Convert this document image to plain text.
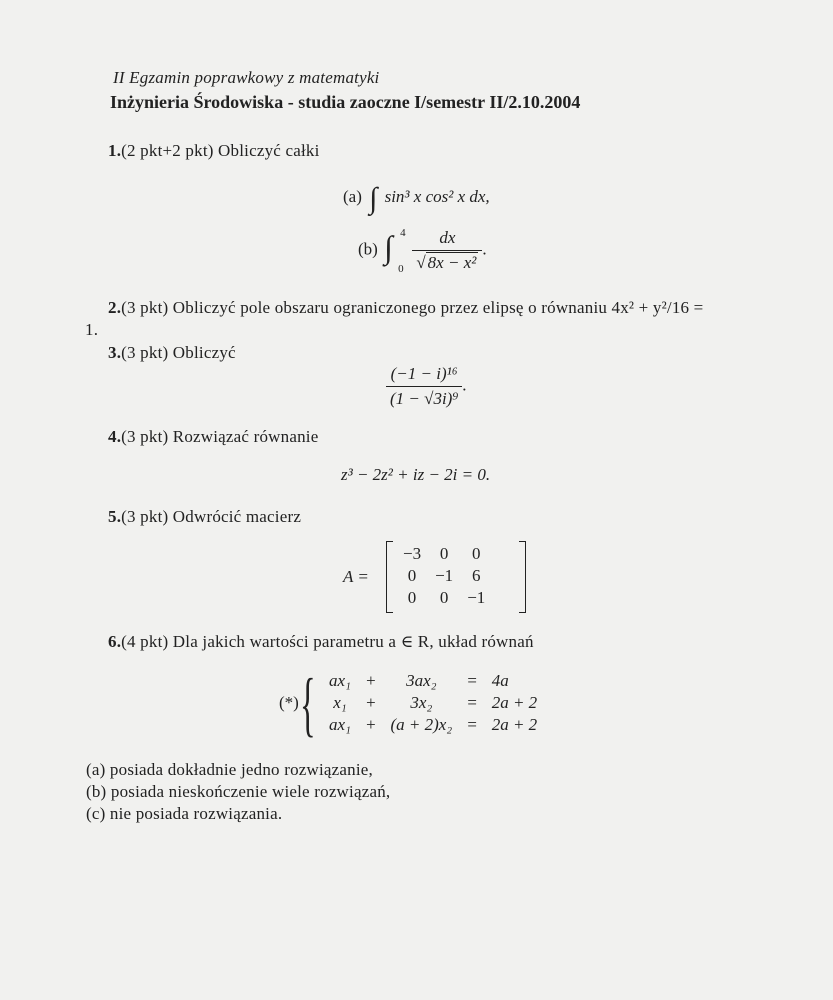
II Egzamin poprawkowy z matematyki
Inżynieria Środowiska - studia zaoczne I/semestr II/2.10.2004
1.(2 pkt+2 pkt) Obliczyć całki
(a) ∫ sin³ x cos² x dx,
(b) ∫ 4
0
$\frac{dx}{\text{√ 8x − x²}}$ .
2.(3 pkt) Obliczyć pole obszaru ograniczonego przez elipsę o równaniu 4x² + y²/16 =
1.
3.(3 pkt) Obliczyć
$\frac{\text{(−1 − i)¹⁶}}{\text{(1 − √3i)⁹}}$ .
4.(3 pkt) Rozwiązać równanie
z³ − 2z² + iz − 2i = 0.
5.(3 pkt) Odwrócić macierz
A =
−3	0	0
0	−1	6
0	0	−1
6.(4 pkt) Dla jakich wartości parametru a ∈ R, układ równań
(*) { ax₁	+	3ax₂	=	4a
x₁	+	3x₂	=	2a + 2
ax₁	+	(a + 2)x₂	=	2a + 2
(a) posiada dokładnie jedno rozwiązanie,
(b) posiada nieskończenie wiele rozwiązań,
(c) nie posiada rozwiązania.
